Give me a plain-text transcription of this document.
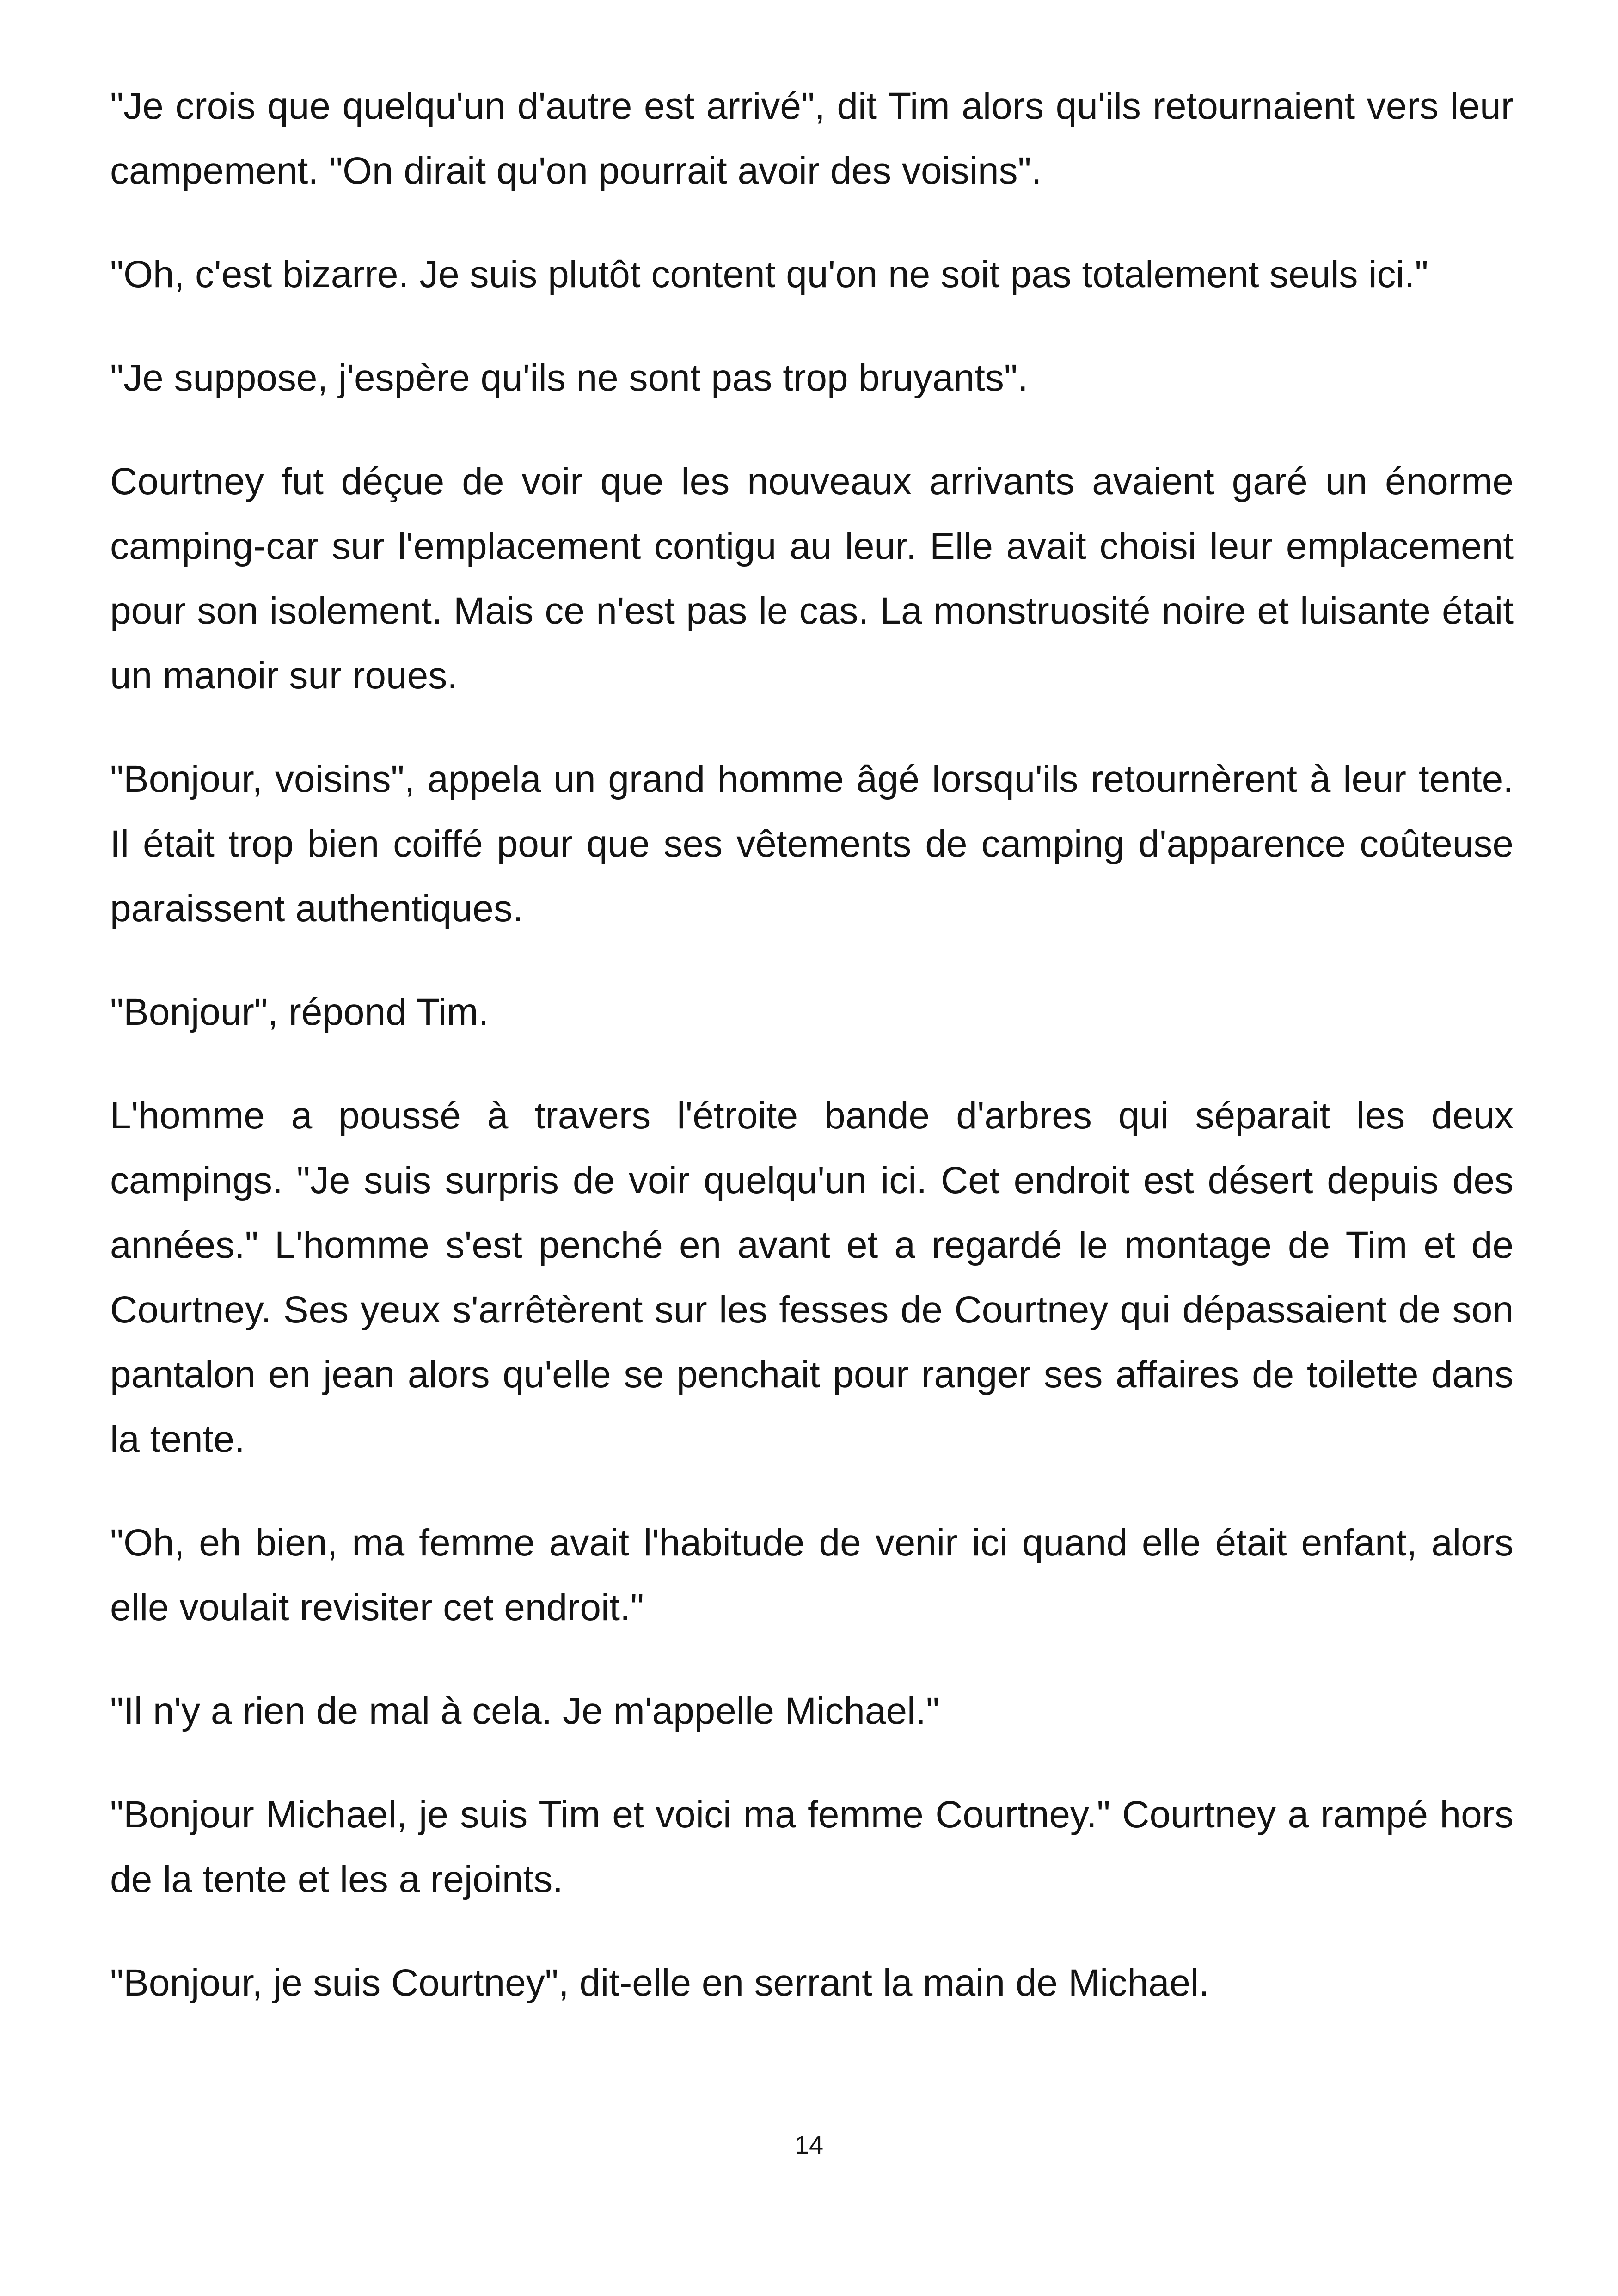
"Je crois que quelqu'un d'autre est arrivé", dit Tim alors qu'ils retournaient vers leur campement. "On dirait qu'on pourrait avoir des voisins".

"Oh, c'est bizarre. Je suis plutôt content qu'on ne soit pas totalement seuls ici."

"Je suppose, j'espère qu'ils ne sont pas trop bruyants".

Courtney fut déçue de voir que les nouveaux arrivants avaient garé un énorme camping-car sur l'emplacement contigu au leur. Elle avait choisi leur emplacement pour son isolement. Mais ce n'est pas le cas. La monstruosité noire et luisante était un manoir sur roues.

"Bonjour, voisins", appela un grand homme âgé lorsqu'ils retournèrent à leur tente. Il était trop bien coiffé pour que ses vêtements de camping d'apparence coûteuse paraissent authentiques.

"Bonjour", répond Tim.

L'homme a poussé à travers l'étroite bande d'arbres qui séparait les deux campings. "Je suis surpris de voir quelqu'un ici. Cet endroit est désert depuis des années." L'homme s'est penché en avant et a regardé le montage de Tim et de Courtney. Ses yeux s'arrêtèrent sur les fesses de Courtney qui dépassaient de son pantalon en jean alors qu'elle se penchait pour ranger ses affaires de toilette dans la tente.

"Oh, eh bien, ma femme avait l'habitude de venir ici quand elle était enfant, alors elle voulait revisiter cet endroit."

"Il n'y a rien de mal à cela. Je m'appelle Michael."

"Bonjour Michael, je suis Tim et voici ma femme Courtney." Courtney a rampé hors de la tente et les a rejoints.

"Bonjour, je suis Courtney", dit-elle en serrant la main de Michael.

14
